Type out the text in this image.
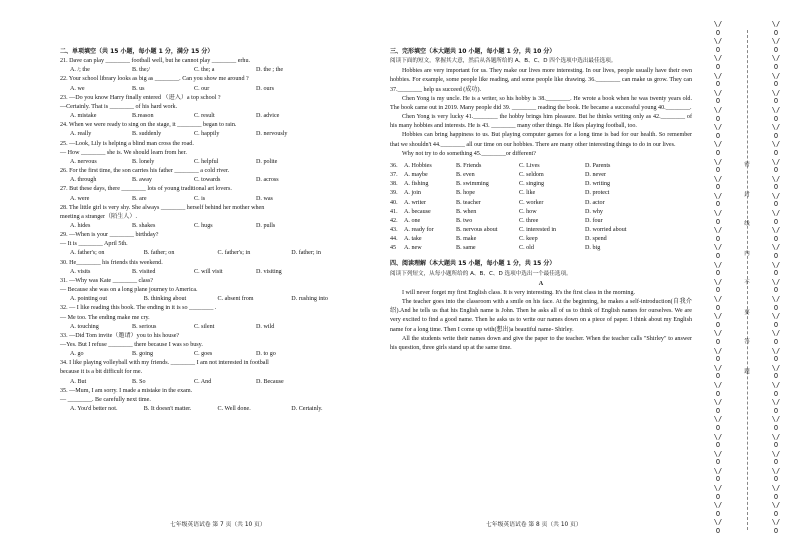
二、单项填空（共 15 小题，每小题 1 分，满分 15 分）
21. Dave can play ________ football well, but he cannot play ________ erhu.
A. /; the	B. the;/	C. the; a	D. the ; the
22. Your school library looks as big as ________. Can you show me around ?
A. we	B. us	C. our	D. ours
23. —Do you know Harry finally entered （进入）a top school ?
—Certainly. That is ________ of his hard work.
A. mistake	B.reason	C. result	D. advice
24. When we were ready to sing on the stage, it ________ began to rain.
A. really	B. suddenly	C. happily	D. nervously
25. —Look, Lily is helping a blind man cross the road.
— How ________ she is. We should learn from her.
A. nervous	B. lonely	C. helpful	D. polite
26. For the first time, the son carries his father ________ a cold river.
A. through	B. away	C. towards	D. across
27. But these days, there ________ lots of young traditional art lovers.
A. were	B. are	C. is	D. was
28. The little girl is very shy. She always ________ herself behind her mother when
meeting a stranger（陌生人）.
A. hides	B. shakes	C. hugs	D. pulls
29. —When is your ________ birthday?
— It is ________ April 5th.
A. father's; on	B. father; on	C. father's; in	D. father; in
30. He________ his friends this weekend.
A. visits	B. visited	C. will visit	D. visiting
31. —Why was Kate ________ class?
— Because she was on a long plane journey to America.
A. pointing out	B. thinking about	C. absent from	D. rushing into
32. — I like reading this book. The ending in it is so ________ .
— Me too. The ending make me cry.
A. touching	B. serious	C. silent	D. wild
33. —Did Tom invite（邀请）you to his house?
—Yes. But I refuse ________ there because I was so busy.
A. go	B. going	C. goes	D. to go
34. I like playing volleyball with my friends. ________ I am not interested in football
because it is a bit difficult for me.
A. But	B. So	C. And	D. Because
35. —Mum, I am sorry. I made a mistake in the exam.
— ________. Be carefully next time.
A. You'd better not.	B. It doesn't matter.	C. Well done.	D. Certainly.
三、完形填空（本大题共 10 小题，每小题 1 分，共 10 分）
阅读下面的短文，掌握其大意，然后从各题所给的 A、B、C、D 四个选项中选出最佳选项。
Hobbies are very important for us. They make our lives more interesting. In our lives, people usually have their own hobbies. For example, some people like reading, and some people like drawing. 36.________ can make us grow. They can 37.________ help us succeed (成功).
Chen Yong is my uncle. He is a writer, so his hobby is 38.________. He wrote a book when he was twenty years old. The book came out in 2019. Many people did 39. ________ reading the book. He became a successful young 40.________.
Chen Yong is very lucky 41.________ the hobby brings him pleasure. But he thinks writing only as 42.________ of his many hobbies and interests. He is 43. ________ many other things. He likes playing football, too.
Hobbies can bring happiness to us. But playing computer games for a long time is bad for our health. So remember that we shouldn't 44.________ all our time on our hobbies. There are many other interesting things to do in our lives.
Why not try to do something 45.________or different?
36.	A. Hobbies	B. Friends	C. Lives	D. Parents
37.	A. maybe	B. even	C. seldom	D. never
38.	A. fishing	B. swimming	C. singing	D. writing
39.	A. join	B. hope	C. like	D. protect
40.	A. writer	B. teacher	C. worker	D. actor
41.	A. because	B. when	C. how	D. why
42.	A. one	B. two	C. three	D. four
43.	A. ready for	B. nervous about	C. interested in	D. worried about
44.	A. take	B. make	C. keep	D. spend
45	A. new	B. same	C. old	D. big
四、阅读理解（本大题共 15 小题，每小题 1 分，共 15 分）
阅读下列短文，从每小题所给的 A、B、C、D 选项中选出一个最佳选项。
A
I will never forget my first English class. It is very interesting. It's the first class in the morning.
The teacher goes into the classroom with a smile on his face. At the beginning, he makes a self-introduction(自我介绍).And he tells us that his English name is John. Then he asks all of us to think of English names for ourselves. We are very excited to find a good name. Then he asks us to write our names down on a piece of paper. I think about my English name for a long time. Then I come up with(想出)a beautiful name- Shirley.
All the students write their names down and give the paper to the teacher. When the teacher calls "Shirley" to answer his question, three girls stand up at the same time.
七年级英语试卷 第 7 页（共 10 页）	七年级英语试卷 第 8 页（共 10 页）
\/O\/O\/O\/O\/O\/O\/O\/O\/O\/O\/O\/O\/O\/O\/O\/O\/O\/O\/O\/O\/O\/O\/O\/O\/O\/O\/O\/O\/O\/O
密
封
线
内
不
要
答
题
\/O\/O\/O\/O\/O\/O\/O\/O\/O\/O\/O\/O\/O\/O\/O\/O\/O\/O\/O\/O\/O\/O\/O\/O\/O\/O\/O\/O\/O\/O
